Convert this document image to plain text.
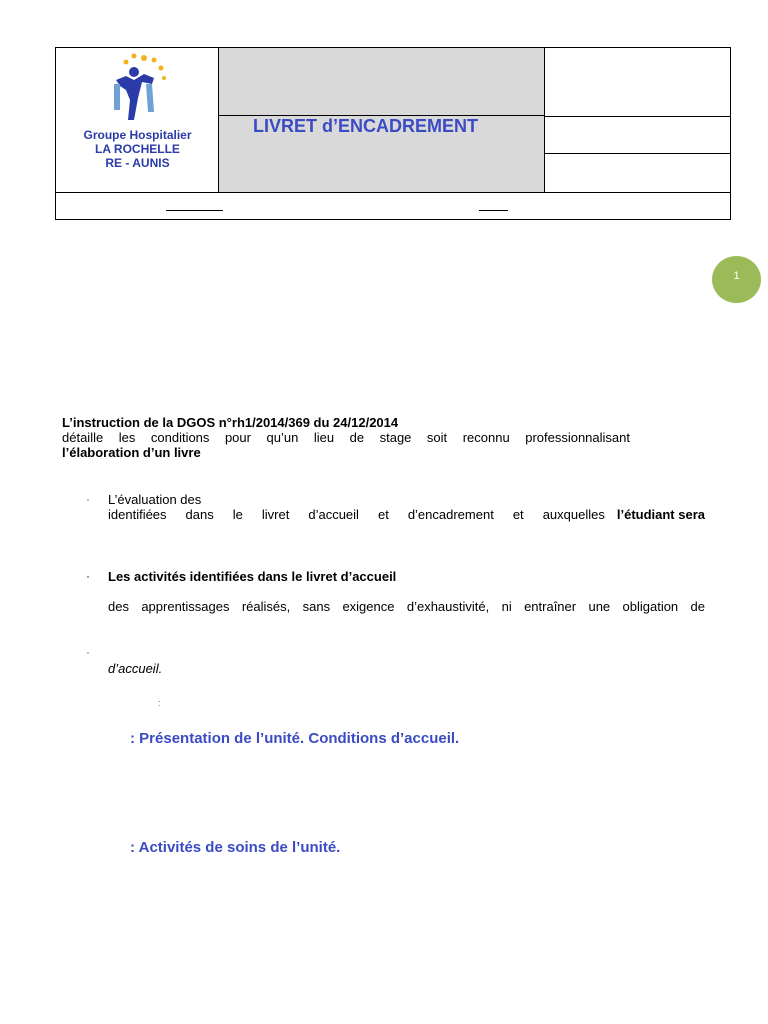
Groupe Hospitalier
LA ROCHELLE
RE - AUNIS
LIVRET d’ENCADREMENT
1
L’instruction de la DGOS n°rh1/2014/369 du 24/12/2014
détaille les conditions pour qu’un lieu de stage soit reconnu professionnalisant
l’élaboration d’un livre
· L’évaluation des
identifiées dans le livret d’accueil et d’encadrement et auxquelles l’étudiant sera
· Les activités identifiées dans le livret d’accueil
des apprentissages réalisés, sans exigence d’exhaustivité, ni entraîner une obligation de
·
d’accueil.
:
: Présentation de l’unité. Conditions d’accueil.
: Activités de soins de l’unité.
